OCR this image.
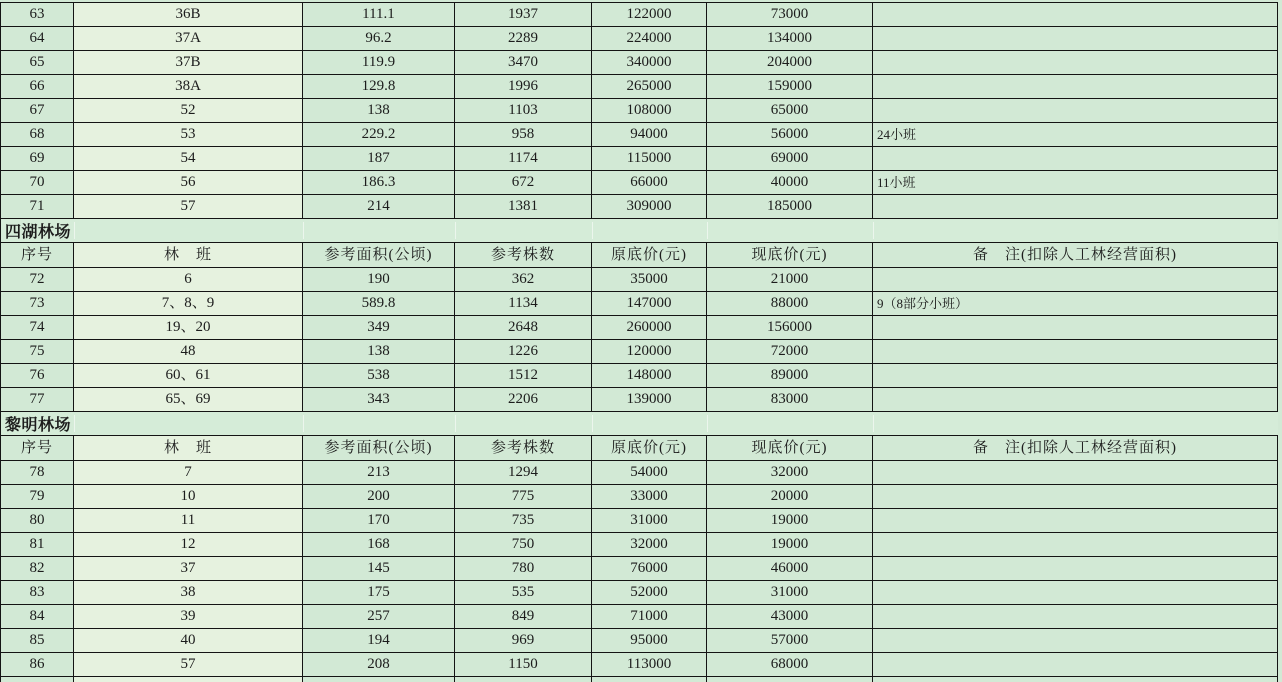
63	36B	111.1	1937	122000	73000
64	37A	96.2	2289	224000	134000
65	37B	119.9	3470	340000	204000
66	38A	129.8	1996	265000	159000
67	52	138	1103	108000	65000
68	53	229.2	958	94000	56000	24小班
69	54	187	1174	115000	69000
70	56	186.3	672	66000	40000	11小班
71	57	214	1381	309000	185000
四湖林场
序号	林　班	参考面积(公顷)	参考株数	原底价(元)	现底价(元)	备　注(扣除人工林经营面积)
72	6	190	362	35000	21000
73	7、8、9	589.8	1134	147000	88000	9（8部分小班）
74	19、20	349	2648	260000	156000
75	48	138	1226	120000	72000
76	60、61	538	1512	148000	89000
77	65、69	343	2206	139000	83000
黎明林场
序号	林　班	参考面积(公顷)	参考株数	原底价(元)	现底价(元)	备　注(扣除人工林经营面积)
78	7	213	1294	54000	32000
79	10	200	775	33000	20000
80	11	170	735	31000	19000
81	12	168	750	32000	19000
82	37	145	780	76000	46000
83	38	175	535	52000	31000
84	39	257	849	71000	43000
85	40	194	969	95000	57000
86	57	208	1150	113000	68000
